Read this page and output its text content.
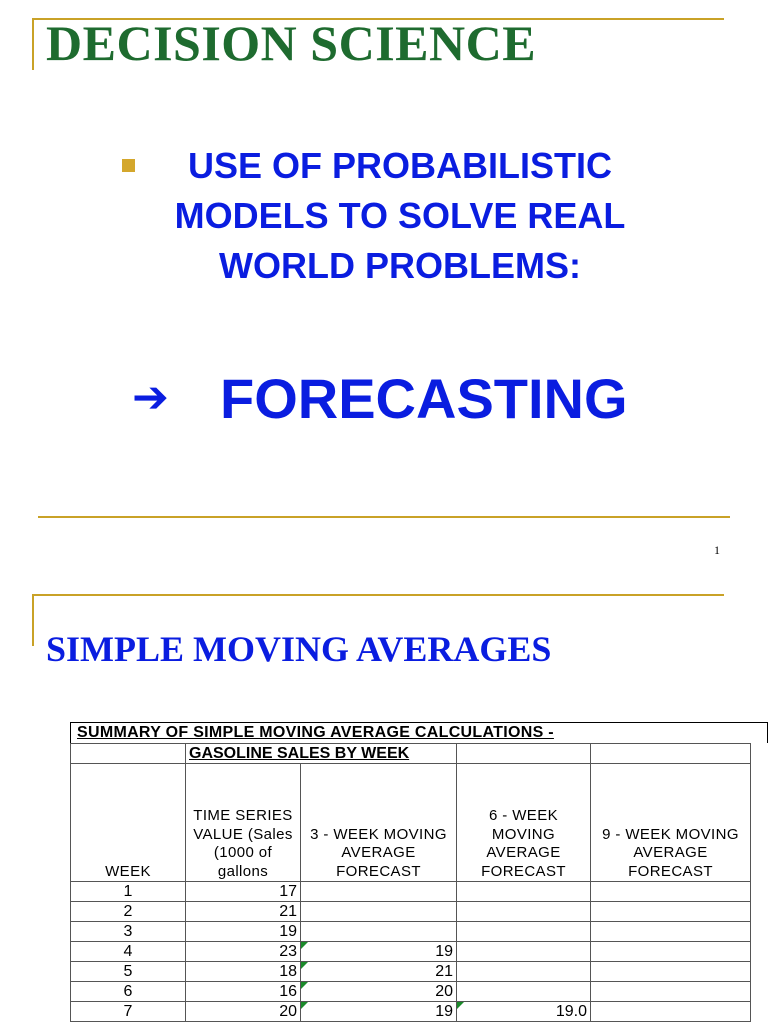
DECISION SCIENCE
USE OF PROBABILISTIC MODELS TO SOLVE REAL WORLD PROBLEMS:
➔ FORECASTING
1
SIMPLE MOVING AVERAGES
SUMMARY OF SIMPLE MOVING AVERAGE CALCULATIONS -
	GASOLINE SALES BY WEEK			
WEEK	TIME SERIES VALUE (Sales (1000 of gallons	3 - WEEK MOVING AVERAGE FORECAST	6 - WEEK MOVING AVERAGE FORECAST	9 - WEEK MOVING AVERAGE FORECAST
1	17			
2	21			
3	19			
4	23	19

5	18	21

6	16	20

7	20	19	19.0
